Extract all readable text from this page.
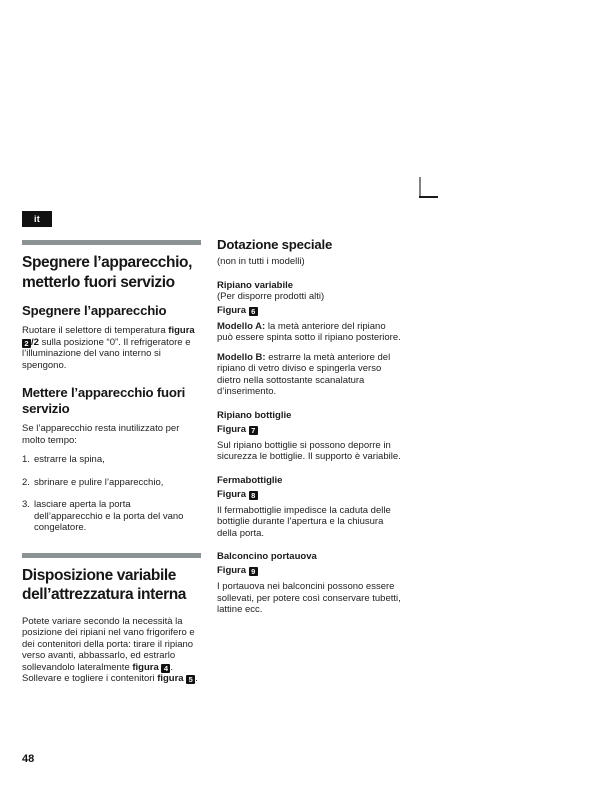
it
Spegnere l’apparecchio, metterlo fuori servizio
Spegnere l’apparecchio

Ruotare il selettore di temperatura figura 2 /2 sulla posizione “0”. Il refrigeratore e l’illuminazione del vano interno si spengono.

Mettere l’apparecchio fuori servizio

Se l’apparecchio resta inutilizzato per molto tempo:

1. estrarre la spina,
2. sbrinare e pulire l’apparecchio,
3. lasciare aperta la porta dell’apparecchio e la porta del vano congelatore.
Disposizione variabile dell’attrezzatura interna

Potete variare secondo la necessità la posizione dei ripiani nel vano frigorifero e dei contenitori della porta: tirare il ripiano verso avanti, abbassarlo, ed estrarlo sollevandolo lateralmente figura 4 . Sollevare e togliere i contenitori figura 5 .

Dotazione speciale

(non in tutti i modelli)

Ripiano variabile

(Per disporre prodotti alti)

Figura 6

Modello A: la metà anteriore del ripiano può essere spinta sotto il ripiano posteriore.

Modello B: estrarre la metà anteriore del ripiano di vetro diviso e spingerla verso dietro nella sottostante scanalatura d’inserimento.

Ripiano bottiglie

Figura 7

Sul ripiano bottiglie si possono deporre in sicurezza le bottiglie. Il supporto è variabile.

Fermabottiglie

Figura 8

Il fermabottiglie impedisce la caduta delle bottiglie durante l’apertura e la chiusura della porta.

Balconcino portauova

Figura 9

I portauova nei balconcini possono essere sollevati, per potere così conservare tubetti, lattine ecc.

48
